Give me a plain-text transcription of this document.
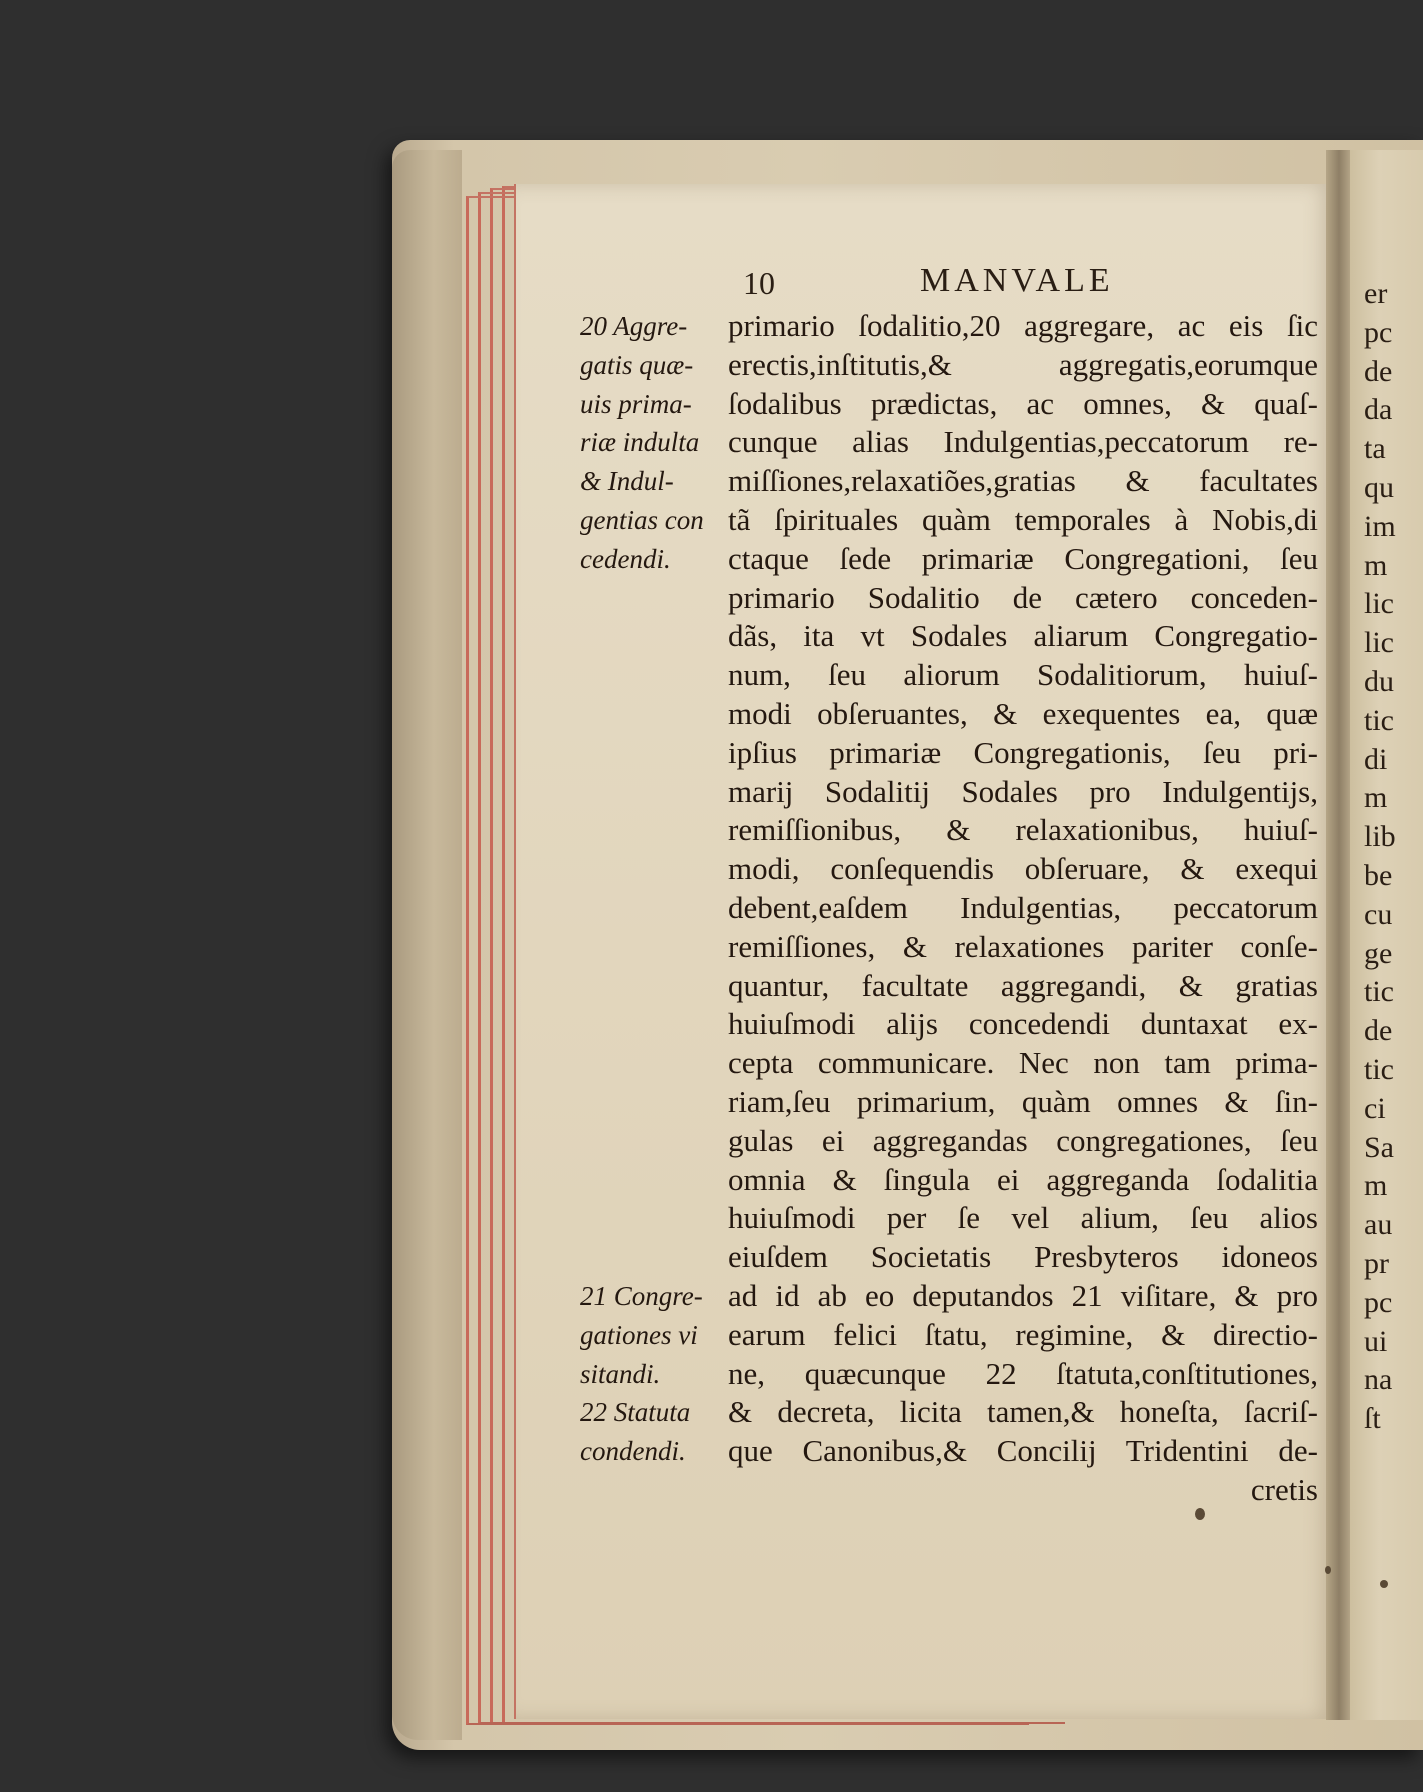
er
pc
de
da
ta
qu
im
m
lic
lic
du
tic
di
m
lib
be
cu
ge
tic
de
tic
ci
Sa
m
au
pr
pc
ui
na
ſt
10	MANVALE
20 Aggre-
gatis quæ-
uis prima-
riæ indulta
& Indul-
gentias con
cedendi.
21 Congre-
gationes vi
sitandi.
22 Statuta
condendi.
primario ſodalitio,20 aggregare, ac eis ſic
erectis,inſtitutis,& aggregatis,eorumque
ſodalibus prædictas, ac omnes, & quaſ-
cunque alias Indulgentias,peccatorum re-
miſſiones,relaxatiões,gratias & facultates
tã ſpirituales quàm temporales à Nobis,di
ctaque ſede primariæ Congregationi, ſeu
primario Sodalitio de cætero conceden-
dãs, ita vt Sodales aliarum Congregatio-
num, ſeu aliorum Sodalitiorum, huiuſ-
modi obſeruantes, & exequentes ea, quæ
ipſius primariæ Congregationis, ſeu pri-
marij Sodalitij Sodales pro Indulgentijs,
remiſſionibus, & relaxationibus, huiuſ-
modi, conſequendis obſeruare, & exequi
debent,eaſdem Indulgentias, peccatorum
remiſſiones, & relaxationes pariter conſe-
quantur, facultate aggregandi, & gratias
huiuſmodi alijs concedendi duntaxat ex-
cepta communicare. Nec non tam prima-
riam,ſeu primarium, quàm omnes & ſin-
gulas ei aggregandas congregationes, ſeu
omnia & ſingula ei aggreganda ſodalitia
huiuſmodi per ſe vel alium, ſeu alios
eiuſdem Societatis Presbyteros idoneos
ad id ab eo deputandos 21 viſitare, & pro
earum felici ſtatu, regimine, & directio-
ne, quæcunque 22 ſtatuta,conſtitutiones,
& decreta, licita tamen,& honeſta, ſacriſ-
que Canonibus,& Concilij Tridentini de-
cretis
